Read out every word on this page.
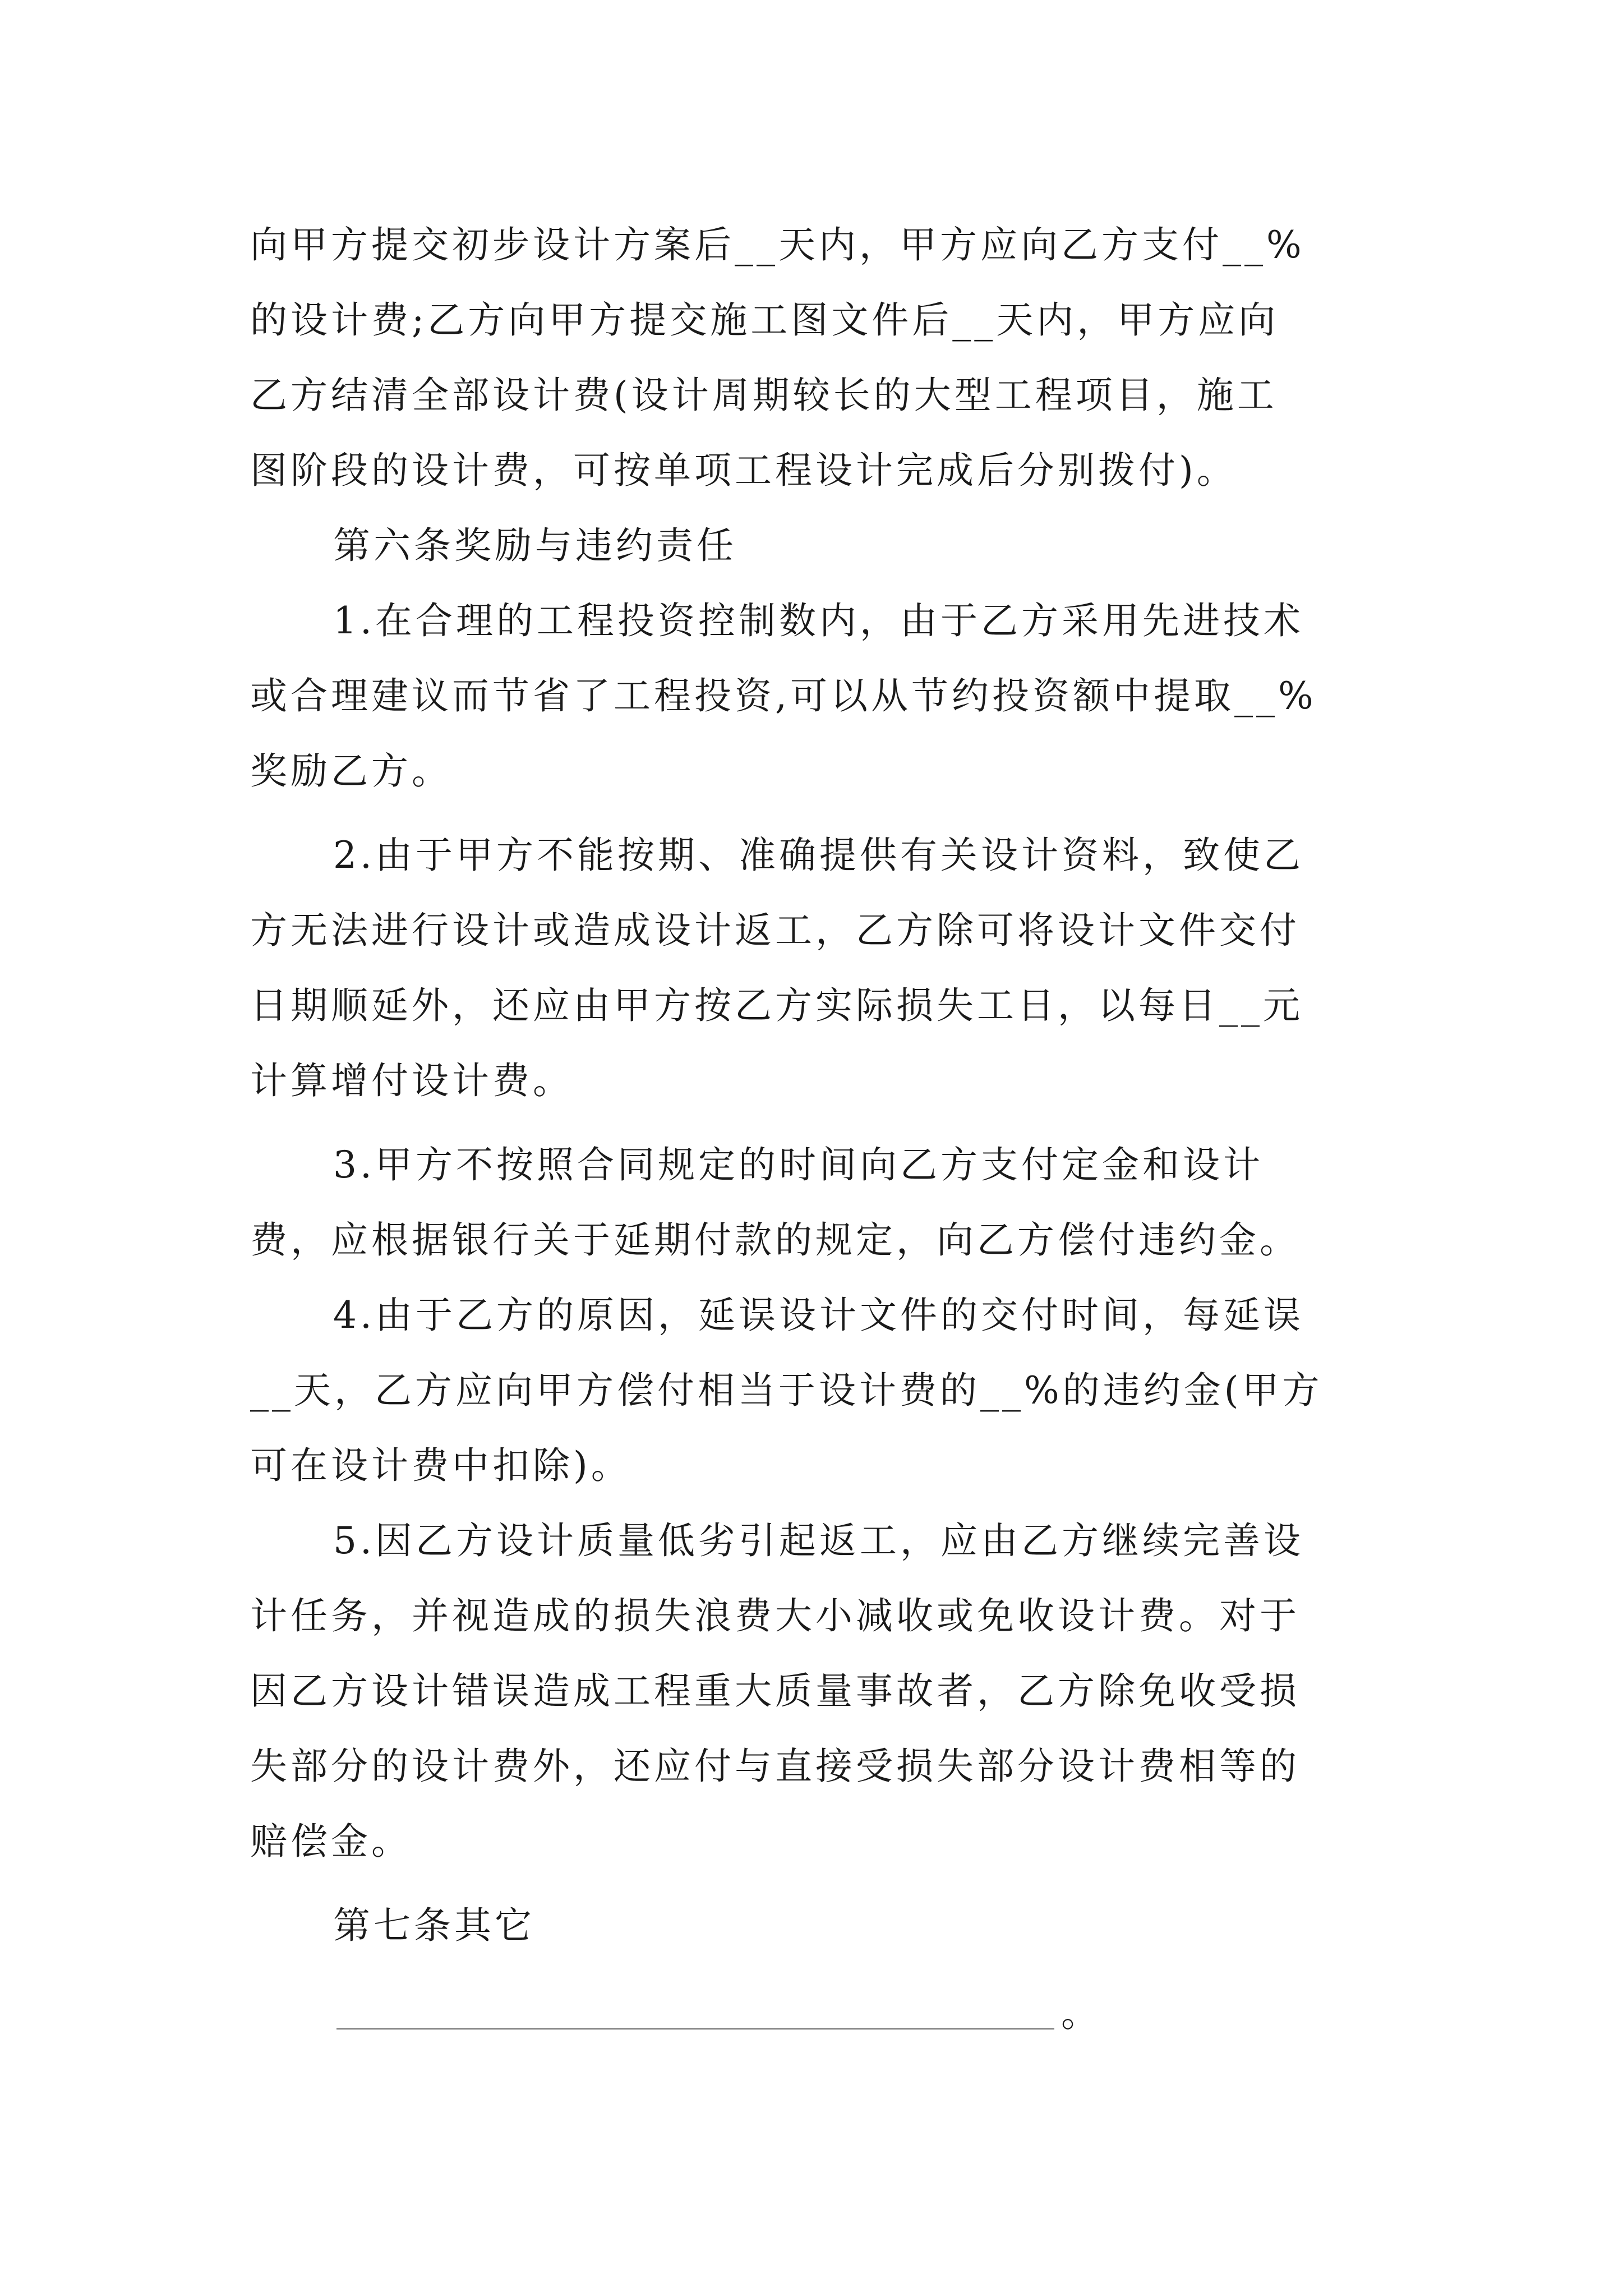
向甲方提交初步设计方案后__天内，甲方应向乙方支付__%
的设计费;乙方向甲方提交施工图文件后__天内，甲方应向
乙方结清全部设计费(设计周期较长的大型工程项目，施工
图阶段的设计费，可按单项工程设计完成后分别拨付)。
第六条奖励与违约责任
1.在合理的工程投资控制数内，由于乙方采用先进技术
或合理建议而节省了工程投资,可以从节约投资额中提取__%
奖励乙方。
2.由于甲方不能按期、准确提供有关设计资料，致使乙
方无法进行设计或造成设计返工，乙方除可将设计文件交付
日期顺延外，还应由甲方按乙方实际损失工日，以每日__元
计算增付设计费。
3.甲方不按照合同规定的时间向乙方支付定金和设计
费，应根据银行关于延期付款的规定，向乙方偿付违约金。
4.由于乙方的原因，延误设计文件的交付时间，每延误
__天，乙方应向甲方偿付相当于设计费的__%的违约金(甲方
可在设计费中扣除)。
5.因乙方设计质量低劣引起返工，应由乙方继续完善设
计任务，并视造成的损失浪费大小减收或免收设计费。对于
因乙方设计错误造成工程重大质量事故者，乙方除免收受损
失部分的设计费外，还应付与直接受损失部分设计费相等的
赔偿金。
第七条其它
。
